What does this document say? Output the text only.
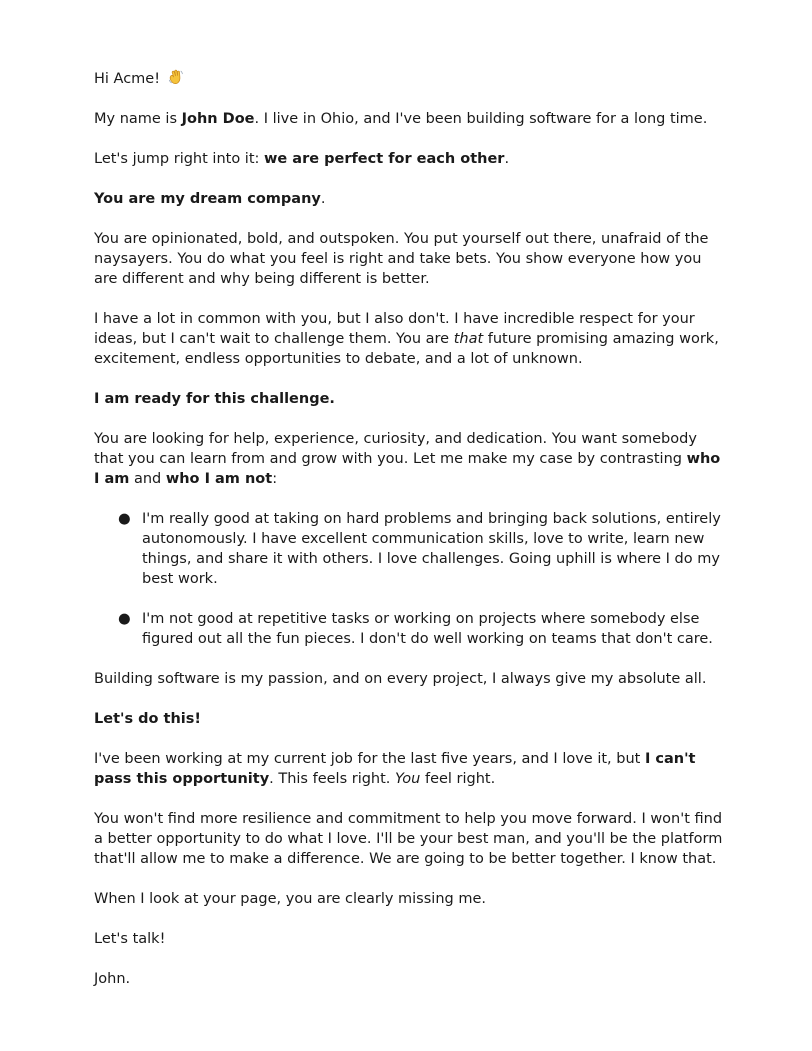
Hi Acme!

My name is John Doe. I live in Ohio, and I've been building software for a long time.

Let's jump right into it: we are perfect for each other.

You are my dream company.

You are opinionated, bold, and outspoken. You put yourself out there, unafraid of the naysayers. You do what you feel is right and take bets. You show everyone how you are different and why being different is better.

I have a lot in common with you, but I also don't. I have incredible respect for your ideas, but I can't wait to challenge them. You are that future promising amazing work, excitement, endless opportunities to debate, and a lot of unknown.

I am ready for this challenge.

You are looking for help, experience, curiosity, and dedication. You want somebody that you can learn from and grow with you. Let me make my case by contrasting who I am and who I am not:

● I'm really good at taking on hard problems and bringing back solutions, entirely autonomously. I have excellent communication skills, love to write, learn new things, and share it with others. I love challenges. Going uphill is where I do my best work.
● I'm not good at repetitive tasks or working on projects where somebody else figured out all the fun pieces. I don't do well working on teams that don't care.

Building software is my passion, and on every project, I always give my absolute all.

Let's do this!

I've been working at my current job for the last five years, and I love it, but I can't pass this opportunity. This feels right. You feel right.

You won't find more resilience and commitment to help you move forward. I won't find a better opportunity to do what I love. I'll be your best man, and you'll be the platform that'll allow me to make a difference. We are going to be better together. I know that.

When I look at your page, you are clearly missing me.

Let's talk!

John.
